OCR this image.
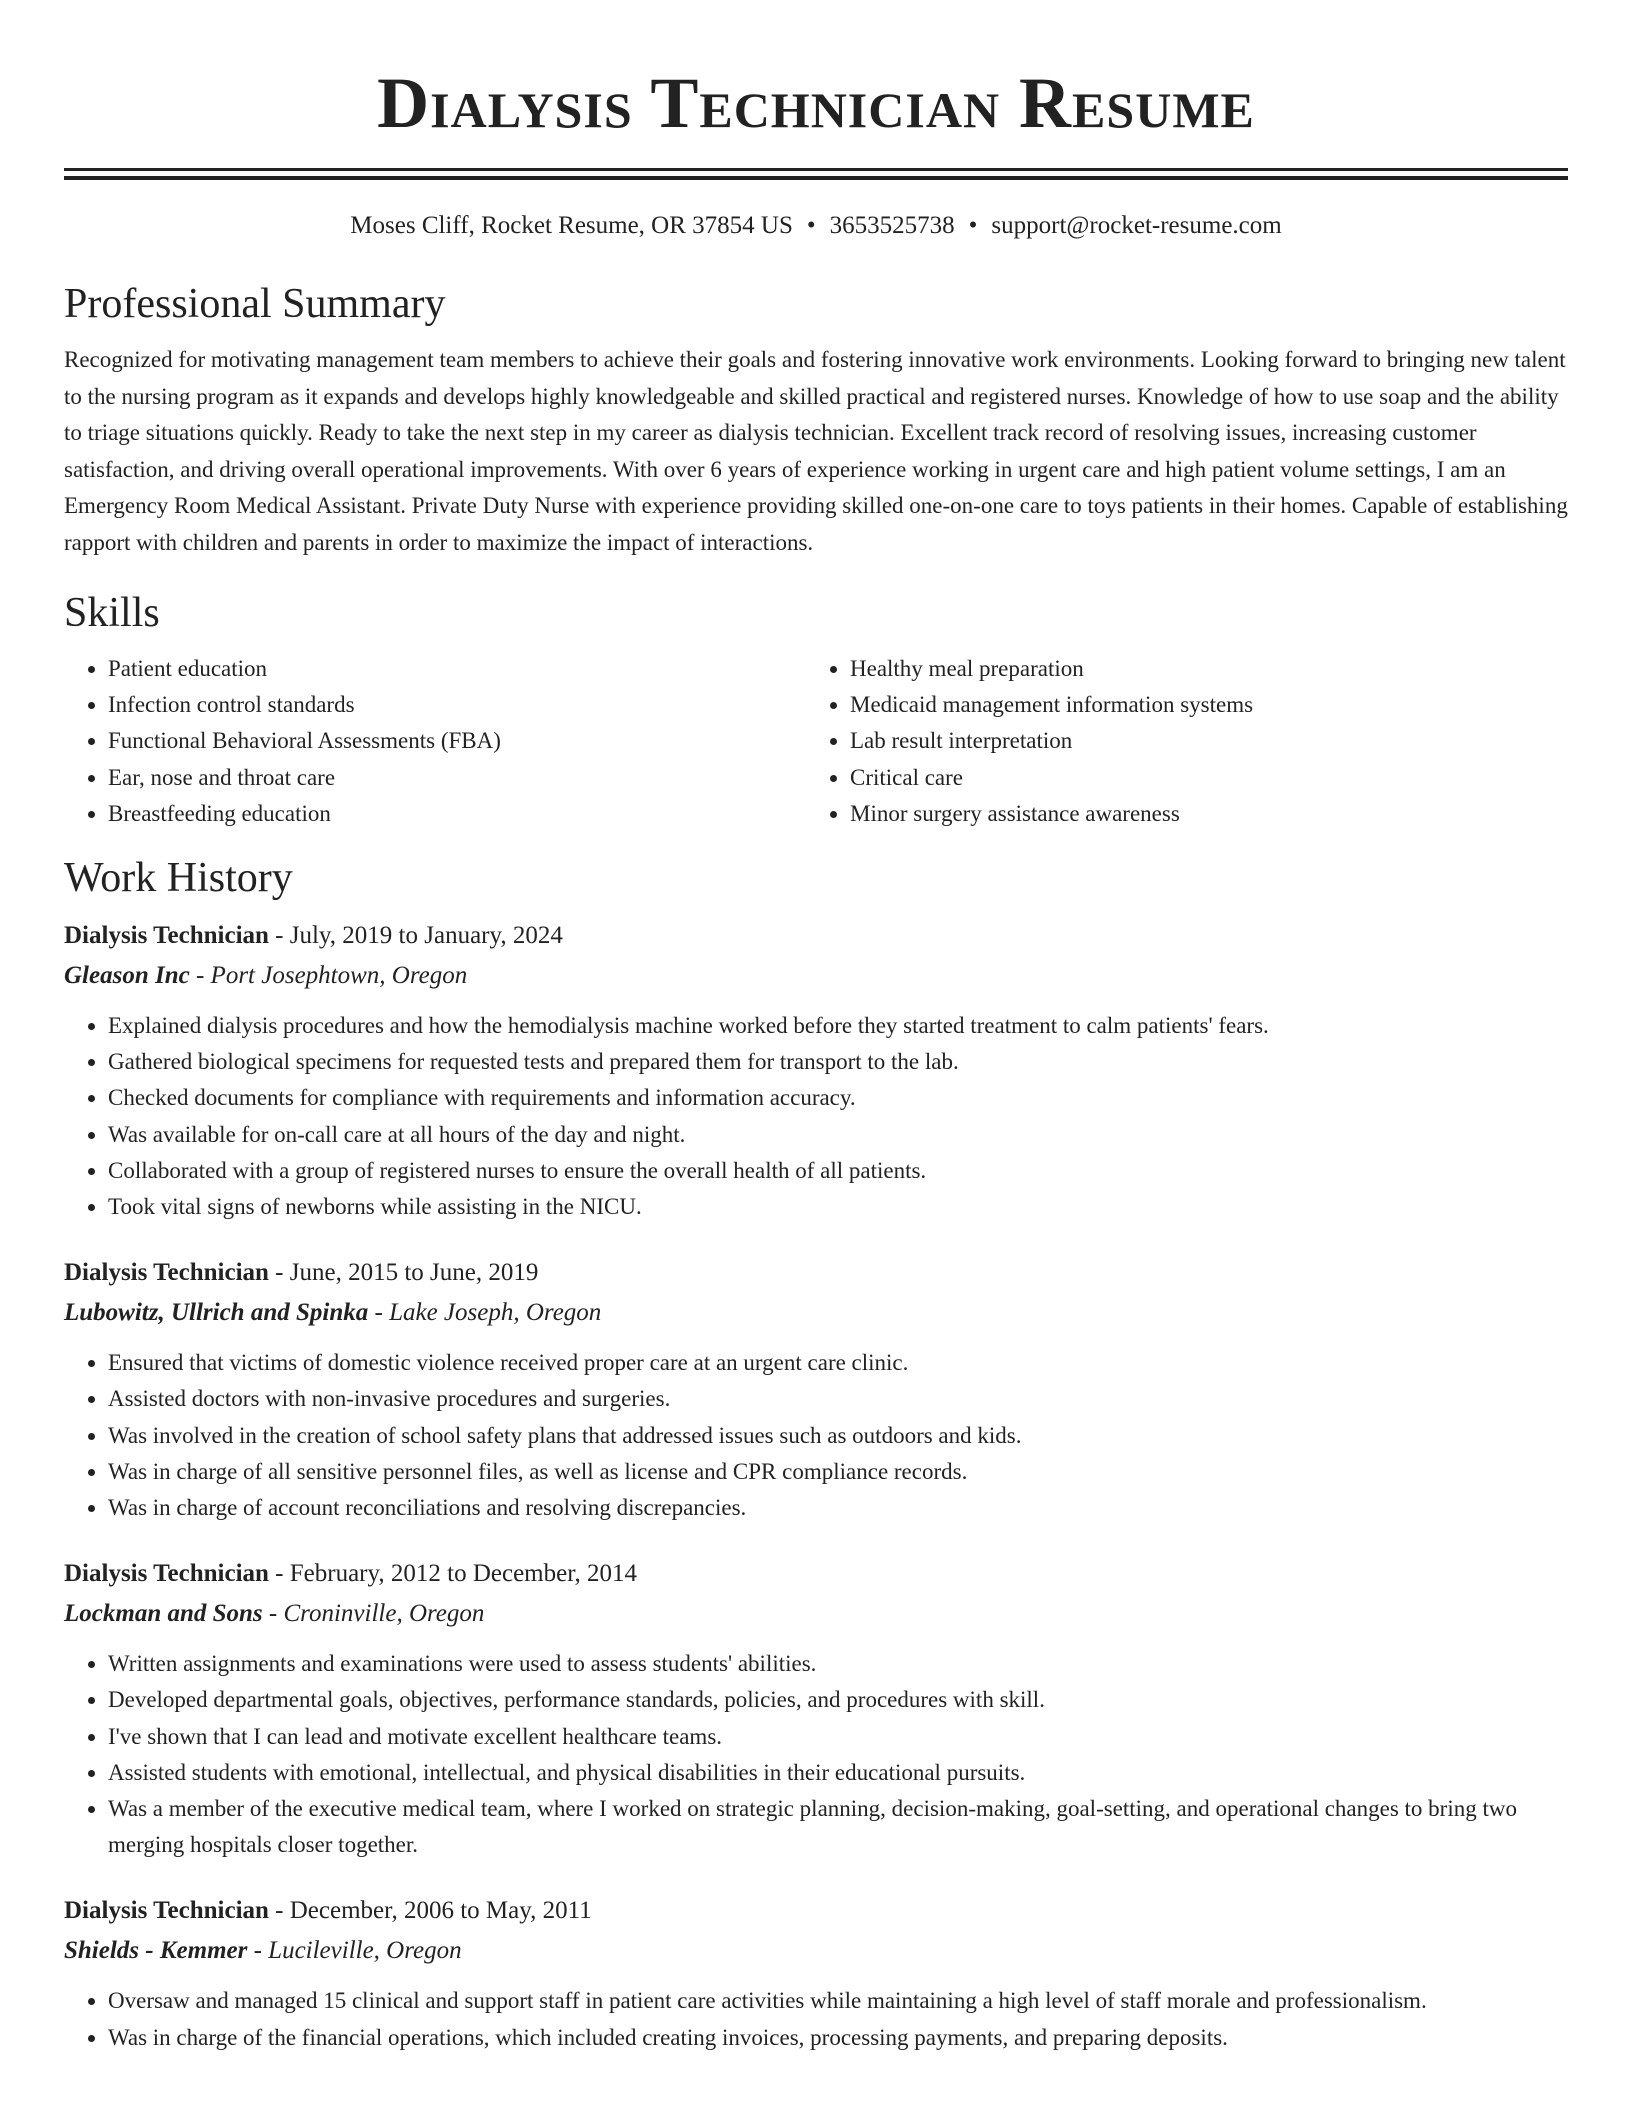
Dialysis Technician Resume
Moses Cliff, Rocket Resume, OR 37854 US • 3653525738 • support@rocket-resume.com
Professional Summary
Recognized for motivating management team members to achieve their goals and fostering innovative work environments. Looking forward to bringing new talent to the nursing program as it expands and develops highly knowledgeable and skilled practical and registered nurses. Knowledge of how to use soap and the ability to triage situations quickly. Ready to take the next step in my career as dialysis technician. Excellent track record of resolving issues, increasing customer satisfaction, and driving overall operational improvements. With over 6 years of experience working in urgent care and high patient volume settings, I am an Emergency Room Medical Assistant. Private Duty Nurse with experience providing skilled one-on-one care to toys patients in their homes. Capable of establishing rapport with children and parents in order to maximize the impact of interactions.
Skills
• Patient education
• Infection control standards
• Functional Behavioral Assessments (FBA)
• Ear, nose and throat care
• Breastfeeding education
• Healthy meal preparation
• Medicaid management information systems
• Lab result interpretation
• Critical care
• Minor surgery assistance awareness
Work History
Dialysis Technician - July, 2019 to January, 2024
Gleason Inc - Port Josephtown, Oregon
• Explained dialysis procedures and how the hemodialysis machine worked before they started treatment to calm patients' fears.
• Gathered biological specimens for requested tests and prepared them for transport to the lab.
• Checked documents for compliance with requirements and information accuracy.
• Was available for on-call care at all hours of the day and night.
• Collaborated with a group of registered nurses to ensure the overall health of all patients.
• Took vital signs of newborns while assisting in the NICU.
Dialysis Technician - June, 2015 to June, 2019
Lubowitz, Ullrich and Spinka - Lake Joseph, Oregon
• Ensured that victims of domestic violence received proper care at an urgent care clinic.
• Assisted doctors with non-invasive procedures and surgeries.
• Was involved in the creation of school safety plans that addressed issues such as outdoors and kids.
• Was in charge of all sensitive personnel files, as well as license and CPR compliance records.
• Was in charge of account reconciliations and resolving discrepancies.
Dialysis Technician - February, 2012 to December, 2014
Lockman and Sons - Croninville, Oregon
• Written assignments and examinations were used to assess students' abilities.
• Developed departmental goals, objectives, performance standards, policies, and procedures with skill.
• I've shown that I can lead and motivate excellent healthcare teams.
• Assisted students with emotional, intellectual, and physical disabilities in their educational pursuits.
• Was a member of the executive medical team, where I worked on strategic planning, decision-making, goal-setting, and operational changes to bring two merging hospitals closer together.
Dialysis Technician - December, 2006 to May, 2011
Shields - Kemmer - Lucileville, Oregon
• Oversaw and managed 15 clinical and support staff in patient care activities while maintaining a high level of staff morale and professionalism.
• Was in charge of the financial operations, which included creating invoices, processing payments, and preparing deposits.
